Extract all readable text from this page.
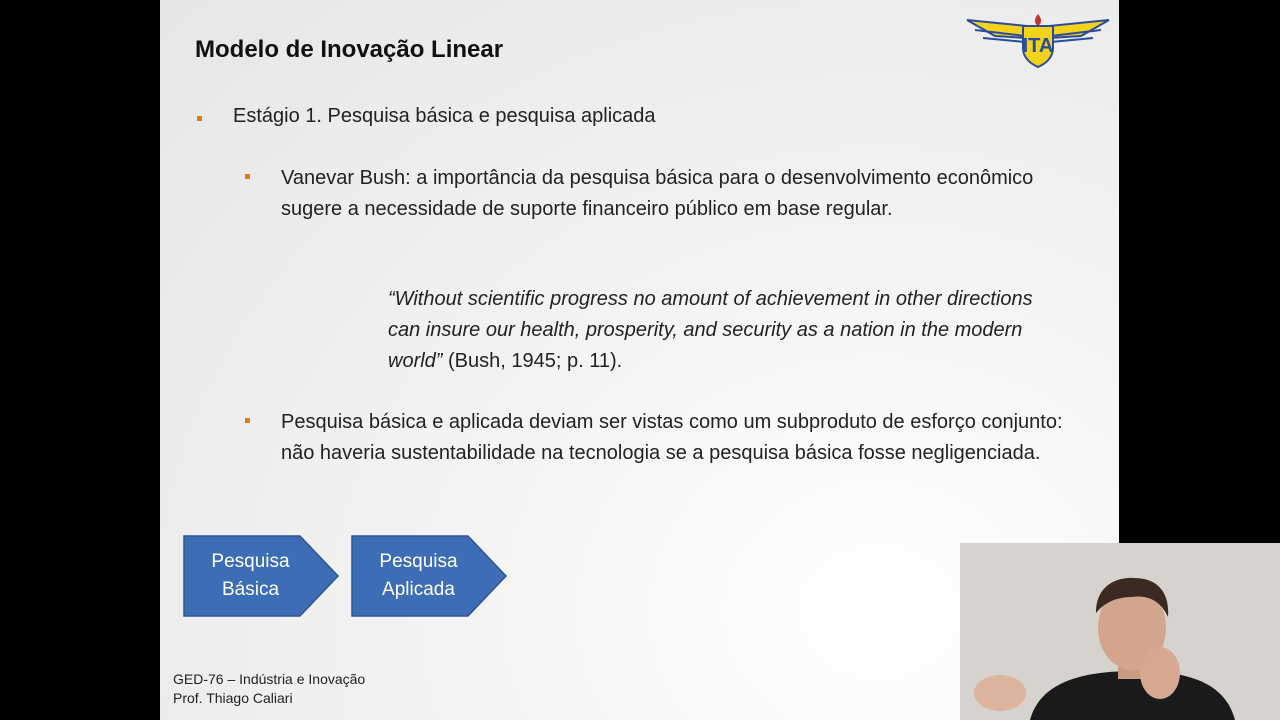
Modelo de Inovação Linear	ITA
Estágio 1. Pesquisa básica e pesquisa aplicada
Vanevar Bush: a importância da pesquisa básica para o desenvolvimento econômico sugere a necessidade de suporte financeiro público em base regular.
“Without scientific progress no amount of achievement in other directions can insure our health, prosperity, and security as a nation in the modern world” (Bush, 1945; p. 11).
Pesquisa básica e aplicada deviam ser vistas como um subproduto de esforço conjunto: não haveria sustentabilidade na tecnologia se a pesquisa básica fosse negligenciada.
Pesquisa
Básica
Pesquisa
Aplicada
GED-76 – Indústria e Inovação
Prof. Thiago Caliari
